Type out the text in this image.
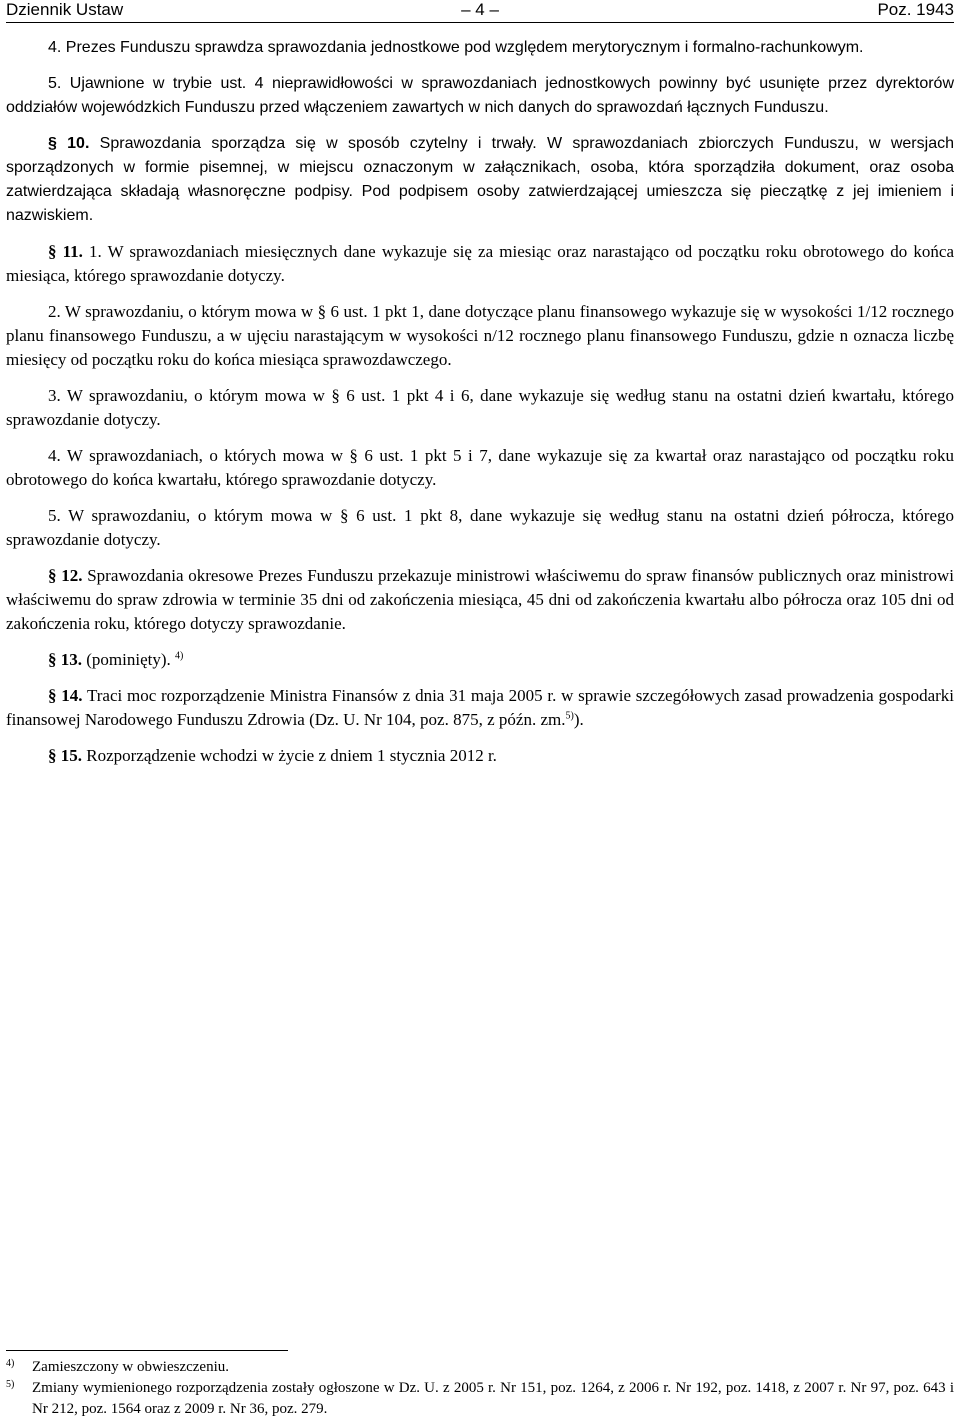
Dziennik Ustaw	– 4 –	Poz. 1943

4. Prezes Funduszu sprawdza sprawozdania jednostkowe pod względem merytorycznym i formalno-rachunkowym.

5. Ujawnione w trybie ust. 4 nieprawidłowości w sprawozdaniach jednostkowych powinny być usunięte przez dyrektorów oddziałów wojewódzkich Funduszu przed włączeniem zawartych w nich danych do sprawozdań łącznych Funduszu.

§ 10. Sprawozdania sporządza się w sposób czytelny i trwały. W sprawozdaniach zbiorczych Funduszu, w wersjach sporządzonych w formie pisemnej, w miejscu oznaczonym w załącznikach, osoba, która sporządziła dokument, oraz osoba zatwierdzająca składają własnoręczne podpisy. Pod podpisem osoby zatwierdzającej umieszcza się pieczątkę z jej imieniem i nazwiskiem.

§ 11. 1. W sprawozdaniach miesięcznych dane wykazuje się za miesiąc oraz narastająco od początku roku obrotowego do końca miesiąca, którego sprawozdanie dotyczy.

2. W sprawozdaniu, o którym mowa w § 6 ust. 1 pkt 1, dane dotyczące planu finansowego wykazuje się w wysokości 1/12 rocznego planu finansowego Funduszu, a w ujęciu narastającym w wysokości n/12 rocznego planu finansowego Funduszu, gdzie n oznacza liczbę miesięcy od początku roku do końca miesiąca sprawozdawczego.

3. W sprawozdaniu, o którym mowa w § 6 ust. 1 pkt 4 i 6, dane wykazuje się według stanu na ostatni dzień kwartału, którego sprawozdanie dotyczy.

4. W sprawozdaniach, o których mowa w § 6 ust. 1 pkt 5 i 7, dane wykazuje się za kwartał oraz narastająco od początku roku obrotowego do końca kwartału, którego sprawozdanie dotyczy.

5. W sprawozdaniu, o którym mowa w § 6 ust. 1 pkt 8, dane wykazuje się według stanu na ostatni dzień półrocza, którego sprawozdanie dotyczy.

§ 12. Sprawozdania okresowe Prezes Funduszu przekazuje ministrowi właściwemu do spraw finansów publicznych oraz ministrowi właściwemu do spraw zdrowia w terminie 35 dni od zakończenia miesiąca, 45 dni od zakończenia kwartału albo półrocza oraz 105 dni od zakończenia roku, którego dotyczy sprawozdanie.

§ 13. (pominięty). $^{4)}$

§ 14. Traci moc rozporządzenie Ministra Finansów z dnia 31 maja 2005 r. w sprawie szczegółowych zasad prowadzenia gospodarki finansowej Narodowego Funduszu Zdrowia (Dz. U. Nr 104, poz. 875, z późn. zm.$^{5)}$).

§ 15. Rozporządzenie wchodzi w życie z dniem 1 stycznia 2012 r.

4) Zamieszczony w obwieszczeniu.
5) Zmiany wymienionego rozporządzenia zostały ogłoszone w Dz. U. z 2005 r. Nr 151, poz. 1264, z 2006 r. Nr 192, poz. 1418, z 2007 r. Nr 97, poz. 643 i Nr 212, poz. 1564 oraz z 2009 r. Nr 36, poz. 279.
